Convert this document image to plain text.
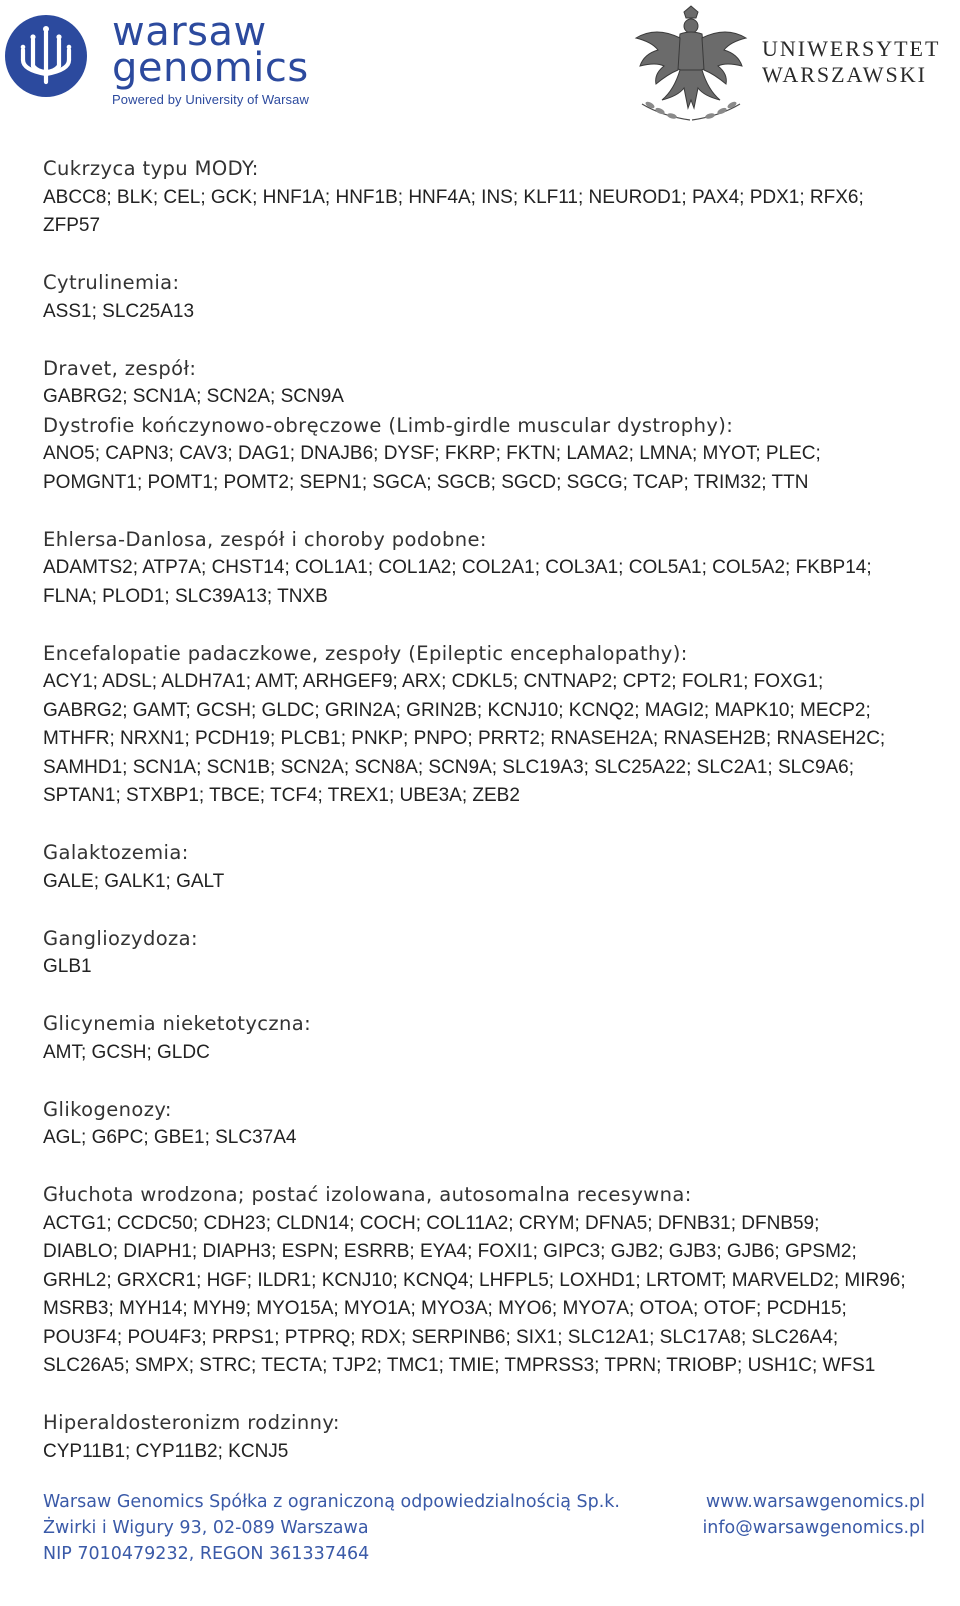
warsaw
genomics
Powered by University of Warsaw
UNIWERSYTET
WARSZAWSKI
Cukrzyca typu MODY:
ABCC8; BLK; CEL; GCK; HNF1A; HNF1B; HNF4A; INS; KLF11; NEUROD1; PAX4; PDX1; RFX6;
ZFP57
Cytrulinemia:
ASS1; SLC25A13
Dravet, zespół:
GABRG2; SCN1A; SCN2A; SCN9A
Dystrofie kończynowo-obręczowe (Limb-girdle muscular dystrophy):
ANO5; CAPN3; CAV3; DAG1; DNAJB6; DYSF; FKRP; FKTN; LAMA2; LMNA; MYOT; PLEC;
POMGNT1; POMT1; POMT2; SEPN1; SGCA; SGCB; SGCD; SGCG; TCAP; TRIM32; TTN
Ehlersa-Danlosa, zespół i choroby podobne:
ADAMTS2; ATP7A; CHST14; COL1A1; COL1A2; COL2A1; COL3A1; COL5A1; COL5A2; FKBP14;
FLNA; PLOD1; SLC39A13; TNXB
Encefalopatie padaczkowe, zespoły (Epileptic encephalopathy):
ACY1; ADSL; ALDH7A1; AMT; ARHGEF9; ARX; CDKL5; CNTNAP2; CPT2; FOLR1; FOXG1;
GABRG2; GAMT; GCSH; GLDC; GRIN2A; GRIN2B; KCNJ10; KCNQ2; MAGI2; MAPK10; MECP2;
MTHFR; NRXN1; PCDH19; PLCB1; PNKP; PNPO; PRRT2; RNASEH2A; RNASEH2B; RNASEH2C;
SAMHD1; SCN1A; SCN1B; SCN2A; SCN8A; SCN9A; SLC19A3; SLC25A22; SLC2A1; SLC9A6;
SPTAN1; STXBP1; TBCE; TCF4; TREX1; UBE3A; ZEB2
Galaktozemia:
GALE; GALK1; GALT
Gangliozydoza:
GLB1
Glicynemia nieketotyczna:
AMT; GCSH; GLDC
Glikogenozy:
AGL; G6PC; GBE1; SLC37A4
Głuchota wrodzona; postać izolowana, autosomalna recesywna:
ACTG1; CCDC50; CDH23; CLDN14; COCH; COL11A2; CRYM; DFNA5; DFNB31; DFNB59;
DIABLO; DIAPH1; DIAPH3; ESPN; ESRRB; EYA4; FOXI1; GIPC3; GJB2; GJB3; GJB6; GPSM2;
GRHL2; GRXCR1; HGF; ILDR1; KCNJ10; KCNQ4; LHFPL5; LOXHD1; LRTOMT; MARVELD2; MIR96;
MSRB3; MYH14; MYH9; MYO15A; MYO1A; MYO3A; MYO6; MYO7A; OTOA; OTOF; PCDH15;
POU3F4; POU4F3; PRPS1; PTPRQ; RDX; SERPINB6; SIX1; SLC12A1; SLC17A8; SLC26A4;
SLC26A5; SMPX; STRC; TECTA; TJP2; TMC1; TMIE; TMPRSS3; TPRN; TRIOBP; USH1C; WFS1
Hiperaldosteronizm rodzinny:
CYP11B1; CYP11B2; KCNJ5
Warsaw Genomics Spółka z ograniczoną odpowiedzialnością Sp.k.
Żwirki i Wigury 93, 02-089 Warszawa
NIP 7010479232, REGON 361337464
www.warsawgenomics.pl
info@warsawgenomics.pl
